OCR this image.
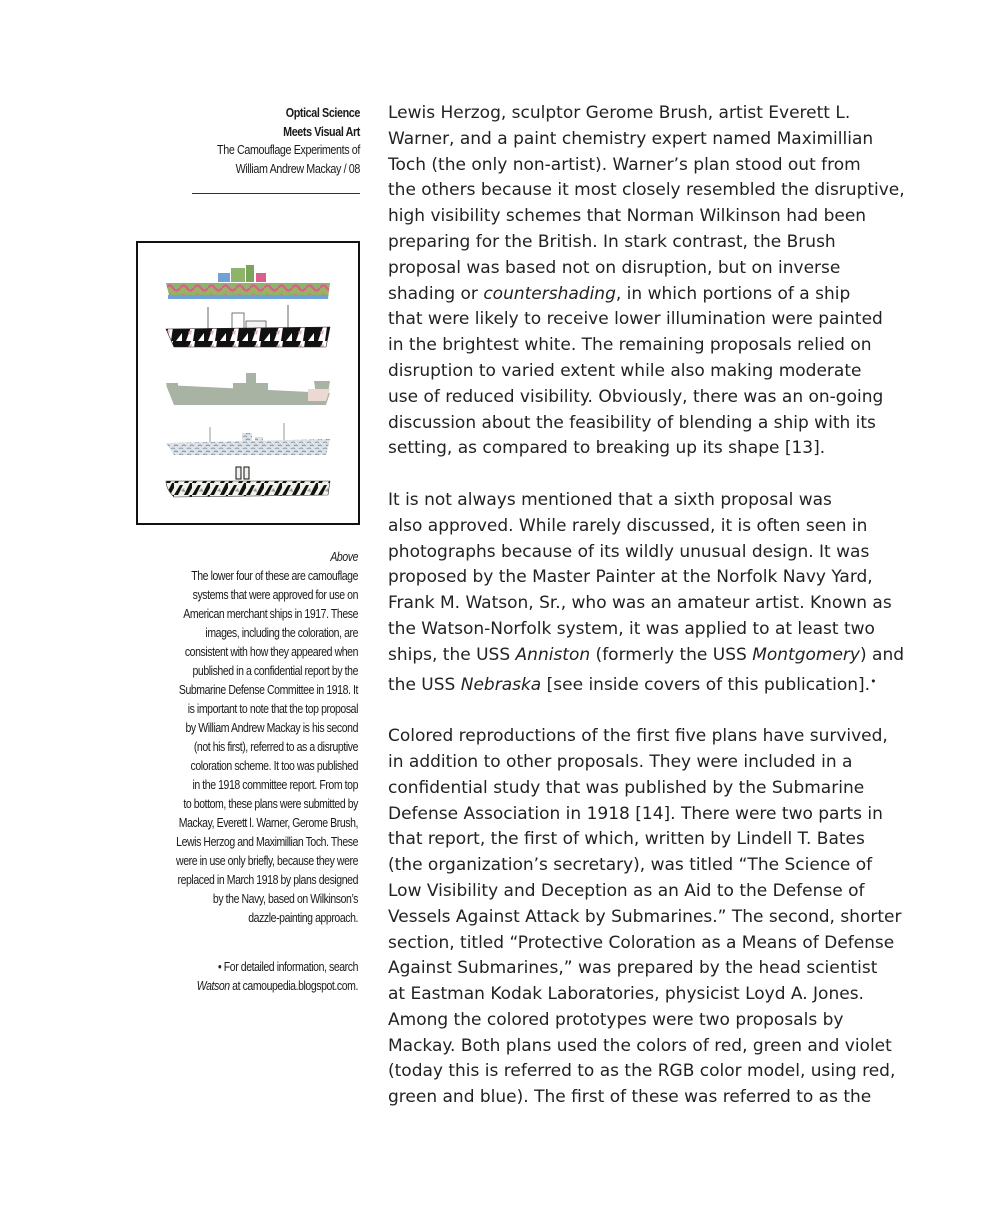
Optical Science
Meets Visual Art
The Camouflage Experiments of
William Andrew Mackay / 08
Above
The lower four of these are camouflage
systems that were approved for use on
American merchant ships in 1917. These
images, including the coloration, are
consistent with how they appeared when
published in a confidential report by the
Submarine Defense Committee in 1918. It
is important to note that the top proposal
by William Andrew Mackay is his second
(not his first), referred to as a disruptive
coloration scheme. It too was published
in the 1918 committee report. From top
to bottom, these plans were submitted by
Mackay, Everett l. Warner, Gerome Brush,
Lewis Herzog and Maximillian Toch. These
were in use only briefly, because they were
replaced in March 1918 by plans designed
by the Navy, based on Wilkinson’s
dazzle-painting approach.
• For detailed information, search
Watson at camoupedia.blogspot.com.

Lewis Herzog, sculptor Gerome Brush, artist Everett L.
Warner, and a paint chemistry expert named Maximillian
Toch (the only non-artist). Warner’s plan stood out from
the others because it most closely resembled the disruptive,
high visibility schemes that Norman Wilkinson had been
preparing for the British. In stark contrast, the Brush
proposal was based not on disruption, but on inverse
shading or countershading, in which portions of a ship
that were likely to receive lower illumination were painted
in the brightest white. The remaining proposals relied on
disruption to varied extent while also making moderate
use of reduced visibility. Obviously, there was an on-going
discussion about the feasibility of blending a ship with its
setting, as compared to breaking up its shape [13].

It is not always mentioned that a sixth proposal was
also approved. While rarely discussed, it is often seen in
photographs because of its wildly unusual design. It was
proposed by the Master Painter at the Norfolk Navy Yard,
Frank M. Watson, Sr., who was an amateur artist. Known as
the Watson-Norfolk system, it was applied to at least two
ships, the USS Anniston (formerly the USS Montgomery) and
the USS Nebraska [see inside covers of this publication].•

Colored reproductions of the first five plans have survived,
in addition to other proposals. They were included in a
confidential study that was published by the Submarine
Defense Association in 1918 [14]. There were two parts in
that report, the first of which, written by Lindell T. Bates
(the organization’s secretary), was titled “The Science of
Low Visibility and Deception as an Aid to the Defense of
Vessels Against Attack by Submarines.” The second, shorter
section, titled “Protective Coloration as a Means of Defense
Against Submarines,” was prepared by the head scientist
at Eastman Kodak Laboratories, physicist Loyd A. Jones.
Among the colored prototypes were two proposals by
Mackay. Both plans used the colors of red, green and violet
(today this is referred to as the RGB color model, using red,
green and blue). The first of these was referred to as the
